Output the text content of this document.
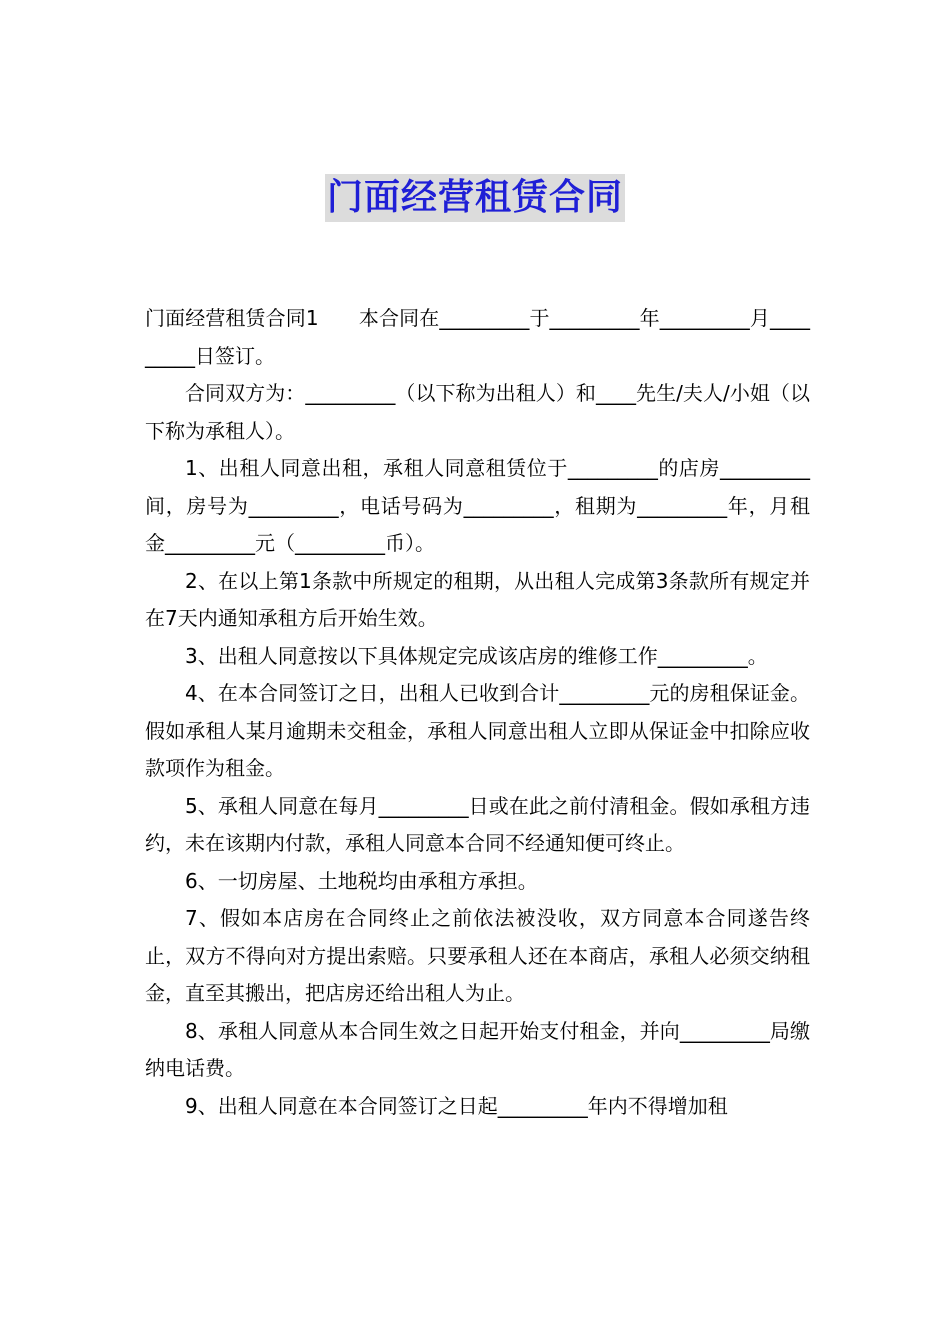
门面经营租赁合同

门面经营租赁合同1　　本合同在_________于_________年_________月_________日签订。

合同双方为：_________（以下称为出租人）和____先生/夫人/小姐（以下称为承租人）。

1、出租人同意出租，承租人同意租赁位于_________的店房_________间，房号为_________，电话号码为_________，租期为_________年，月租金_________元（_________币）。

2、在以上第1条款中所规定的租期，从出租人完成第3条款所有规定并在7天内通知承租方后开始生效。

3、出租人同意按以下具体规定完成该店房的维修工作_________。

4、在本合同签订之日，出租人已收到合计_________元的房租保证金。假如承租人某月逾期未交租金，承租人同意出租人立即从保证金中扣除应收款项作为租金。

5、承租人同意在每月_________日或在此之前付清租金。假如承租方违约，未在该期内付款，承租人同意本合同不经通知便可终止。

6、一切房屋、土地税均由承租方承担。

7、假如本店房在合同终止之前依法被没收，双方同意本合同遂告终止，双方不得向对方提出索赔。只要承租人还在本商店，承租人必须交纳租金，直至其搬出，把店房还给出租人为止。

8、承租人同意从本合同生效之日起开始支付租金，并向_________局缴纳电话费。

9、出租人同意在本合同签订之日起_________年内不得增加租
